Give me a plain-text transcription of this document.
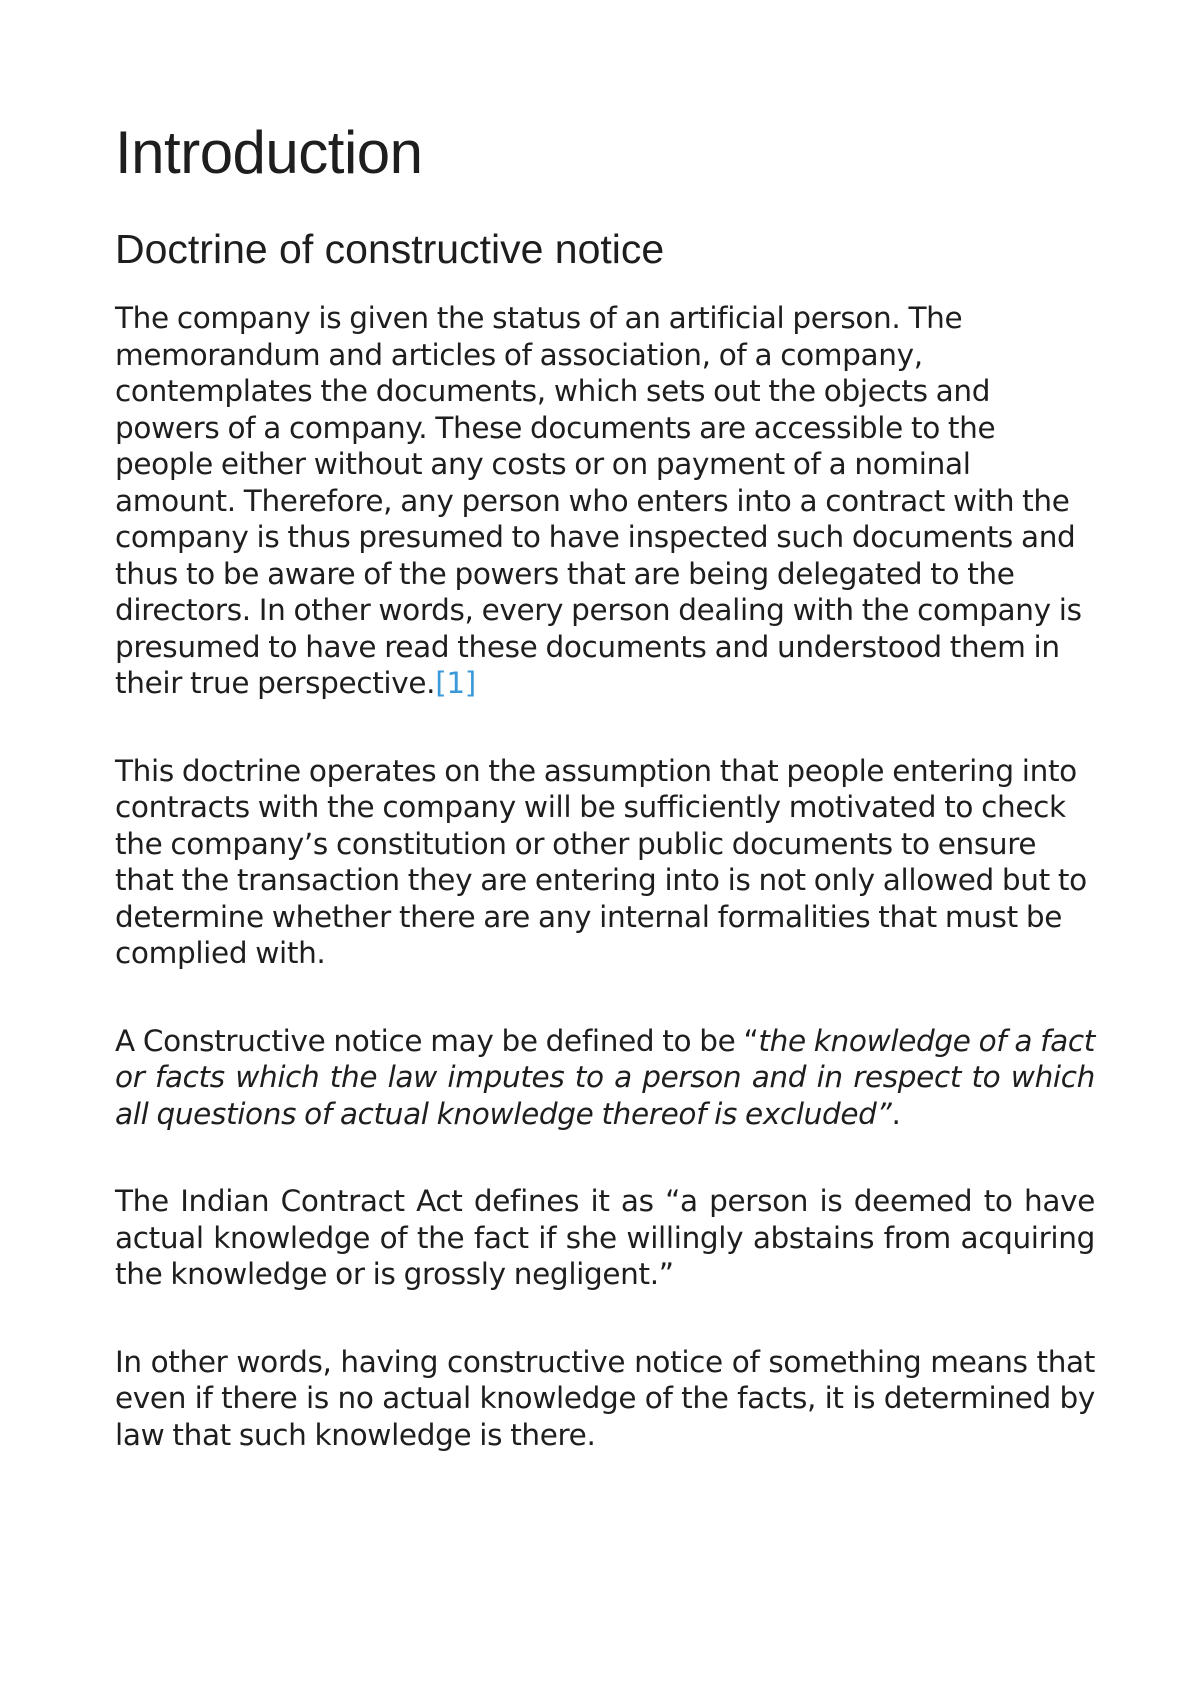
Introduction
Doctrine of constructive notice

The company is given the status of an artificial person. The memorandum and articles of association, of a company, contemplates the documents, which sets out the objects and powers of a company. These documents are accessible to the people either without any costs or on payment of a nominal amount. Therefore, any person who enters into a contract with the company is thus presumed to have inspected such documents and thus to be aware of the powers that are being delegated to the directors. In other words, every person dealing with the company is presumed to have read these documents and understood them in their true perspective.[1]

This doctrine operates on the assumption that people entering into contracts with the company will be sufficiently motivated to check the company’s constitution or other public documents to ensure that the transaction they are entering into is not only allowed but to determine whether there are any internal formalities that must be complied with.

A Constructive notice may be defined to be “the knowledge of a fact or facts which the law imputes to a person and in respect to which all questions of actual knowledge thereof is excluded”.

The Indian Contract Act defines it as “a person is deemed to have actual knowledge of the fact if she willingly abstains from acquiring the knowledge or is grossly negligent.”

In other words, having constructive notice of something means that even if there is no actual knowledge of the facts, it is determined by law that such knowledge is there.
